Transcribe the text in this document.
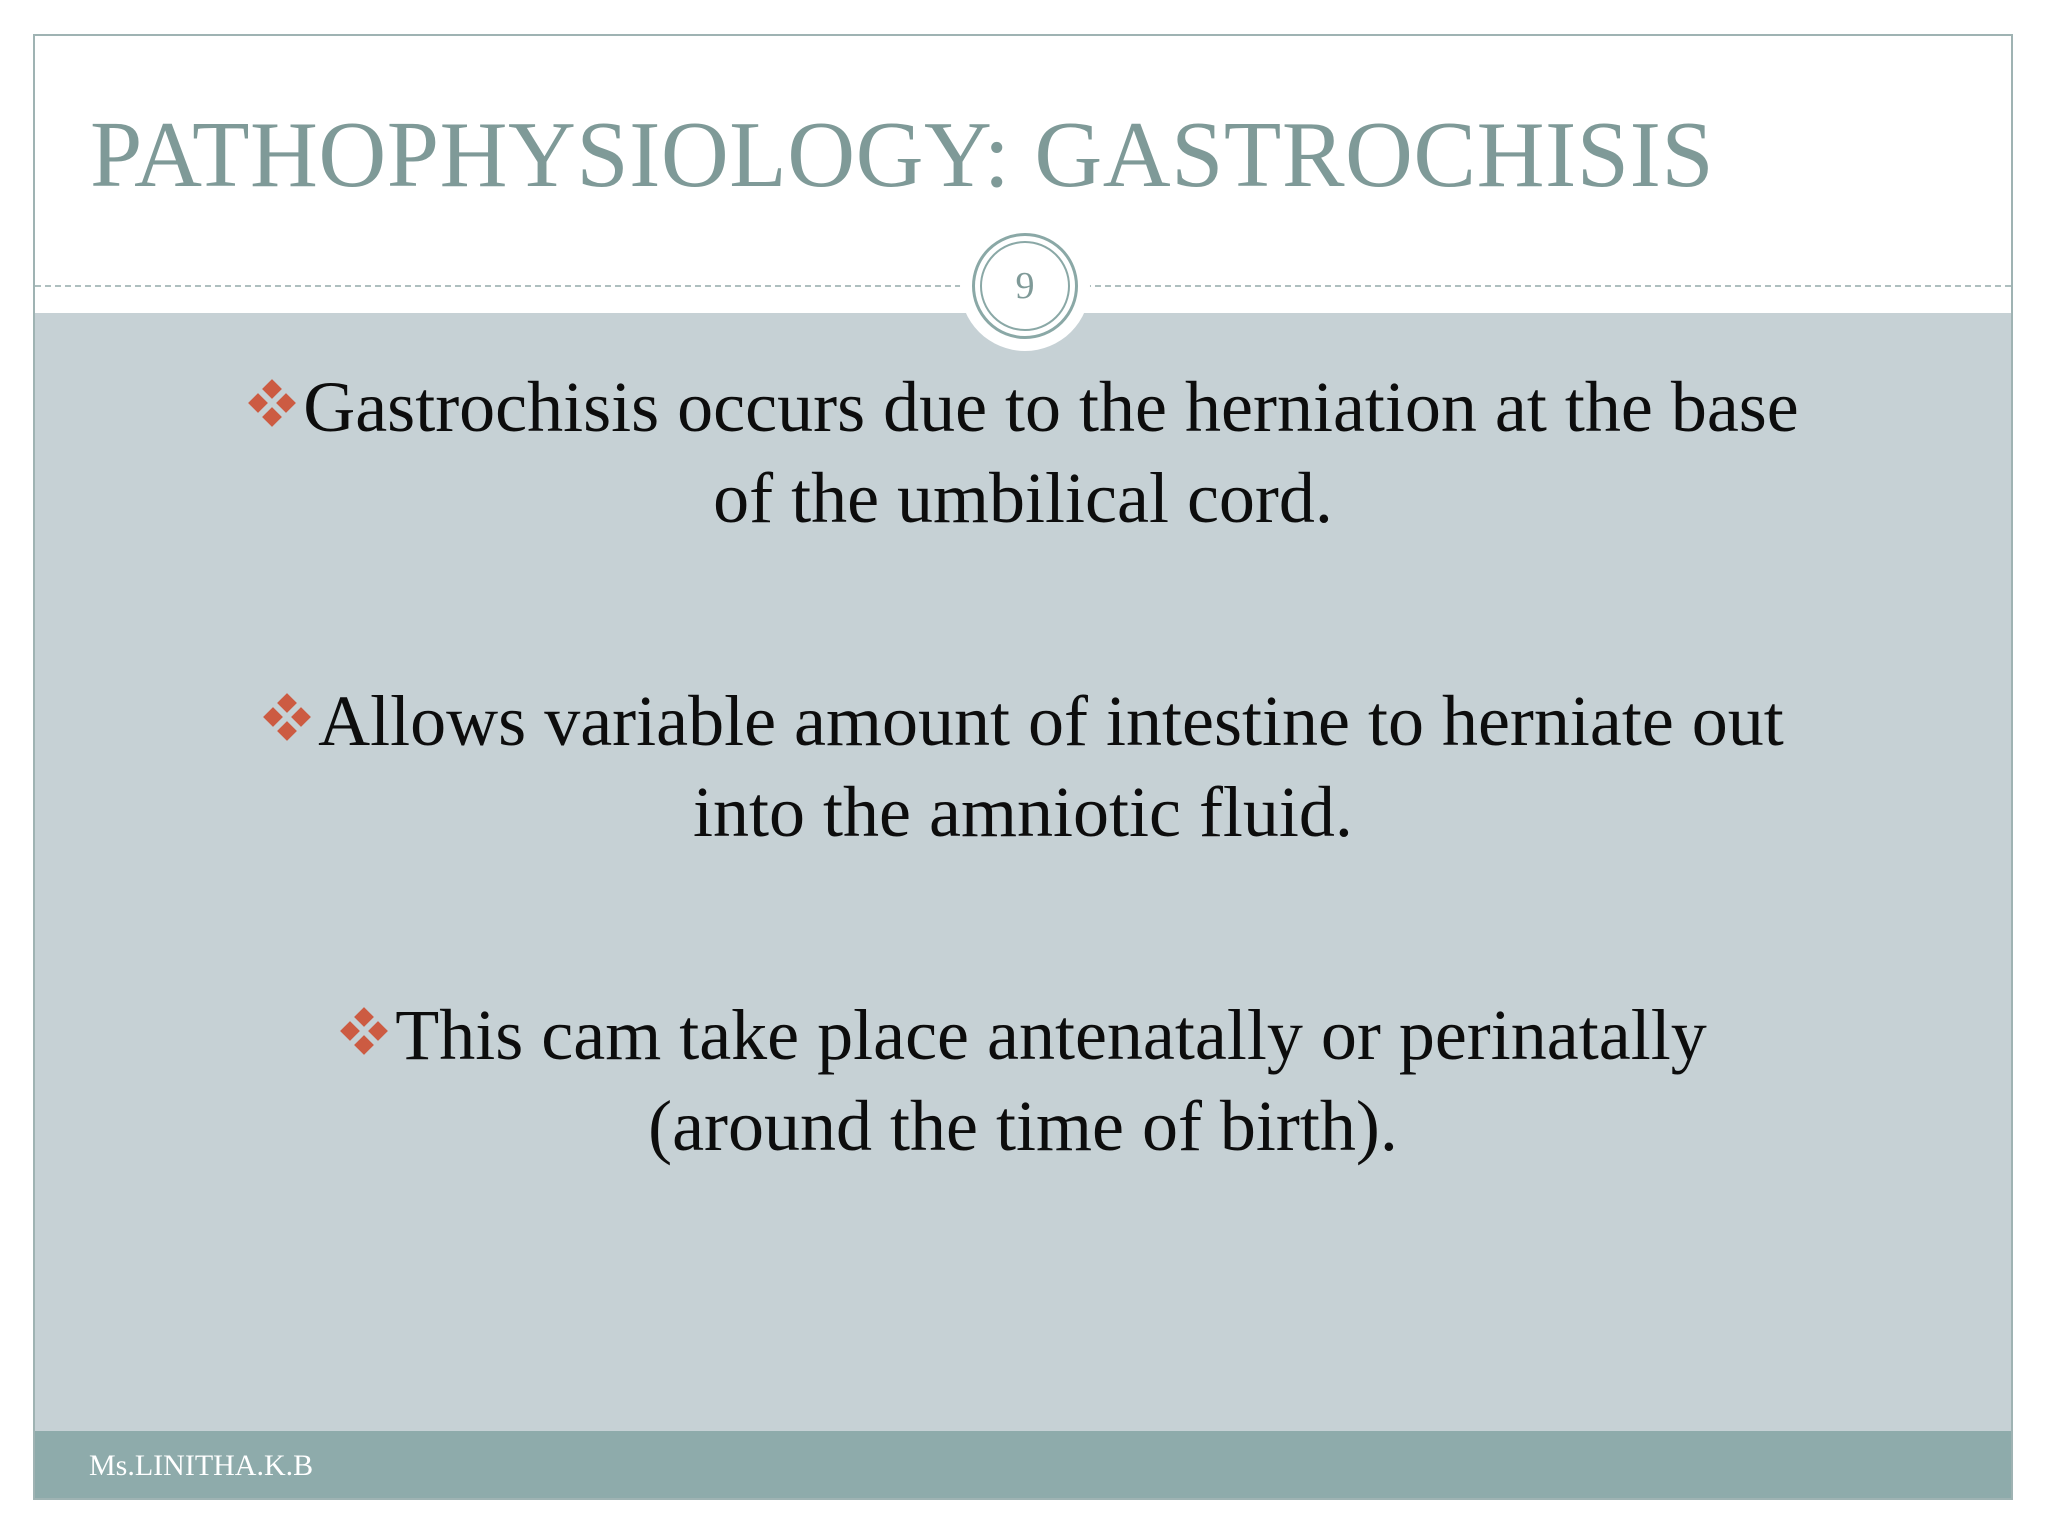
PATHOPHYSIOLOGY: GASTROCHISIS
9
Gastrochisis occurs due to the herniation at the base
of the umbilical cord.
Allows variable amount of intestine to herniate out
into the amniotic fluid.
This cam take place antenatally or perinatally
(around the time of birth).
Ms.LINITHA.K.B
